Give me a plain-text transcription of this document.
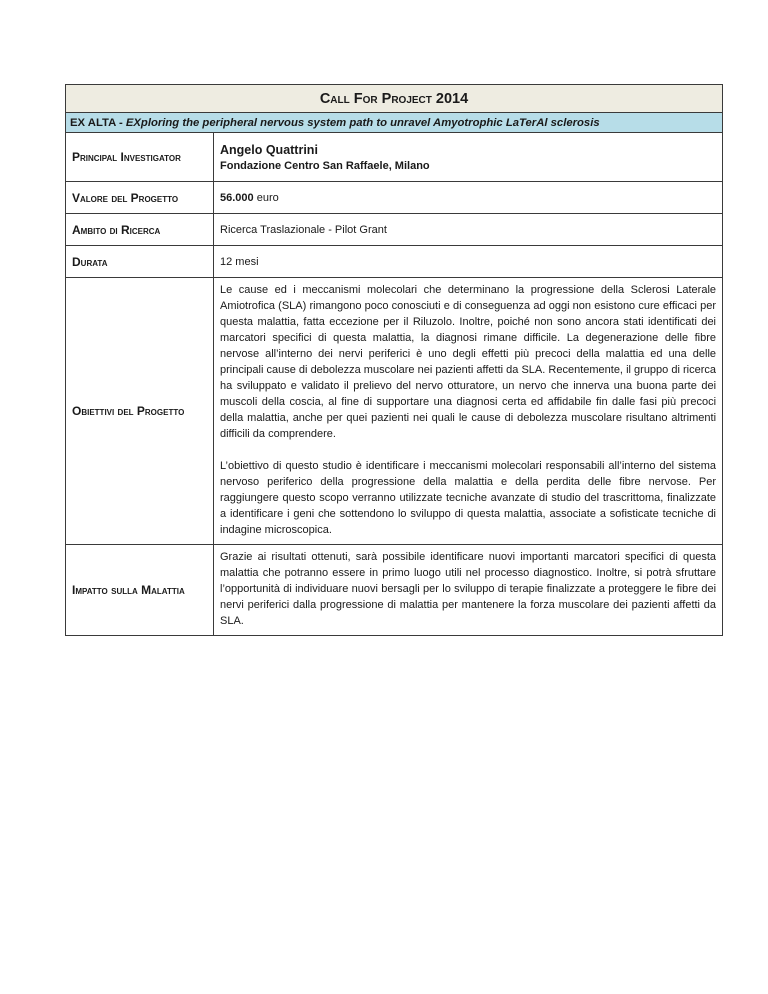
Call For Project 2014	
EX ALTA - EXploring the peripheral nervous system path to unravel Amyotrophic LaTerAl sclerosis	
Principal Investigator	Angelo Quattrini
Fondazione Centro San Raffaele, Milano

Valore del Progetto	56.000 euro
Ambito di Ricerca	Ricerca Traslazionale - Pilot Grant
Durata	12 mesi
Obiettivi del Progetto	Le cause ed i meccanismi molecolari che determinano la progressione della Sclerosi Laterale Amiotrofica (SLA) rimangono poco conosciuti e di conseguenza ad oggi non esistono cure efficaci per questa malattia, fatta eccezione per il Riluzolo. Inoltre, poiché non sono ancora stati identificati dei marcatori specifici di questa malattia, la diagnosi rimane difficile. La degenerazione delle fibre nervose all’interno dei nervi periferici è uno degli effetti più precoci della malattia ed una delle principali cause di debolezza muscolare nei pazienti affetti da SLA. Recentemente, il gruppo di ricerca ha sviluppato e validato il prelievo del nervo otturatore, un nervo che innerva una buona parte dei muscoli della coscia, al fine di supportare una diagnosi certa ed affidabile fin dalle fasi più precoci della malattia, anche per quei pazienti nei quali le cause di debolezza muscolare risultano altrimenti difficili da comprendere.

L’obiettivo di questo studio è identificare i meccanismi molecolari responsabili all’interno del sistema nervoso periferico della progressione della malattia e della perdita delle fibre nervose. Per raggiungere questo scopo verranno utilizzate tecniche avanzate di studio del trascrittoma, finalizzate a identificare i geni che sottendono lo sviluppo di questa malattia, associate a sofisticate tecniche di indagine microscopica.

Impatto sulla Malattia	Grazie ai risultati ottenuti, sarà possibile identificare nuovi importanti marcatori specifici di questa malattia che potranno essere in primo luogo utili nel processo diagnostico. Inoltre, si potrà sfruttare l’opportunità di individuare nuovi bersagli per lo sviluppo di terapie finalizzate a proteggere le fibre dei nervi periferici dalla progressione di malattia per mantenere la forza muscolare dei pazienti affetti da SLA.
